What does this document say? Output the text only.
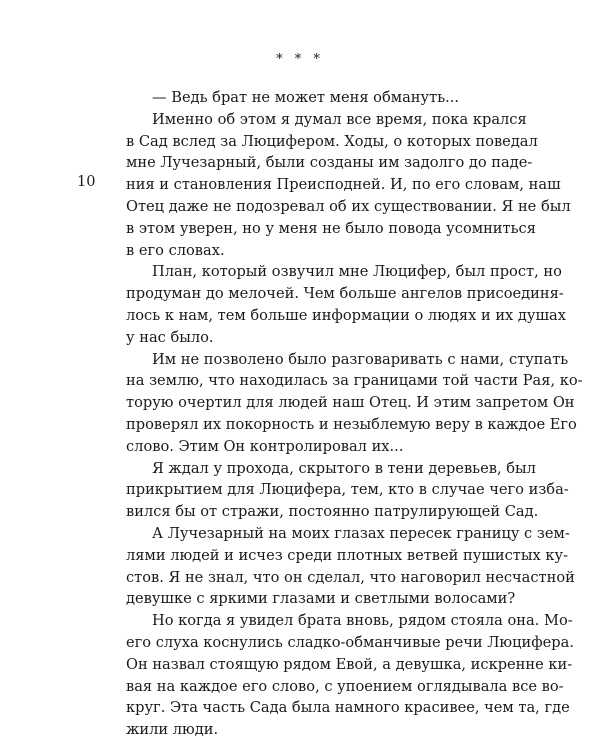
* * *
10
— Ведь брат не может меня обмануть...
Именно об этом я думал все время, пока крался
в Сад вслед за Люцифером. Ходы, о которых поведал
мне Лучезарный, были созданы им задолго до паде-
ния и становления Преисподней. И, по его словам, наш
Отец даже не подозревал об их существовании. Я не был
в этом уверен, но у меня не было повода усомниться
в его словах.
План, который озвучил мне Люцифер, был прост, но
продуман до мелочей. Чем больше ангелов присоединя-
лось к нам, тем больше информации о людях и их душах
у нас было.
Им не позволено было разговаривать с нами, ступать
на землю, что находилась за границами той части Рая, ко-
торую очертил для людей наш Отец. И этим запретом Он
проверял их покорность и незыблемую веру в каждое Его
слово. Этим Он контролировал их...
Я ждал у прохода, скрытого в тени деревьев, был
прикрытием для Люцифера, тем, кто в случае чего изба-
вился бы от стражи, постоянно патрулирующей Сад.
А Лучезарный на моих глазах пересек границу с зем-
лями людей и исчез среди плотных ветвей пушистых ку-
стов. Я не знал, что он сделал, что наговорил несчастной
девушке с яркими глазами и светлыми волосами?
Но когда я увидел брата вновь, рядом стояла она. Мо-
его слуха коснулись сладко-обманчивые речи Люцифера.
Он назвал стоящую рядом Евой, а девушка, искренне ки-
вая на каждое его слово, с упоением оглядывала все во-
круг. Эта часть Сада была намного красивее, чем та, где
жили люди.
